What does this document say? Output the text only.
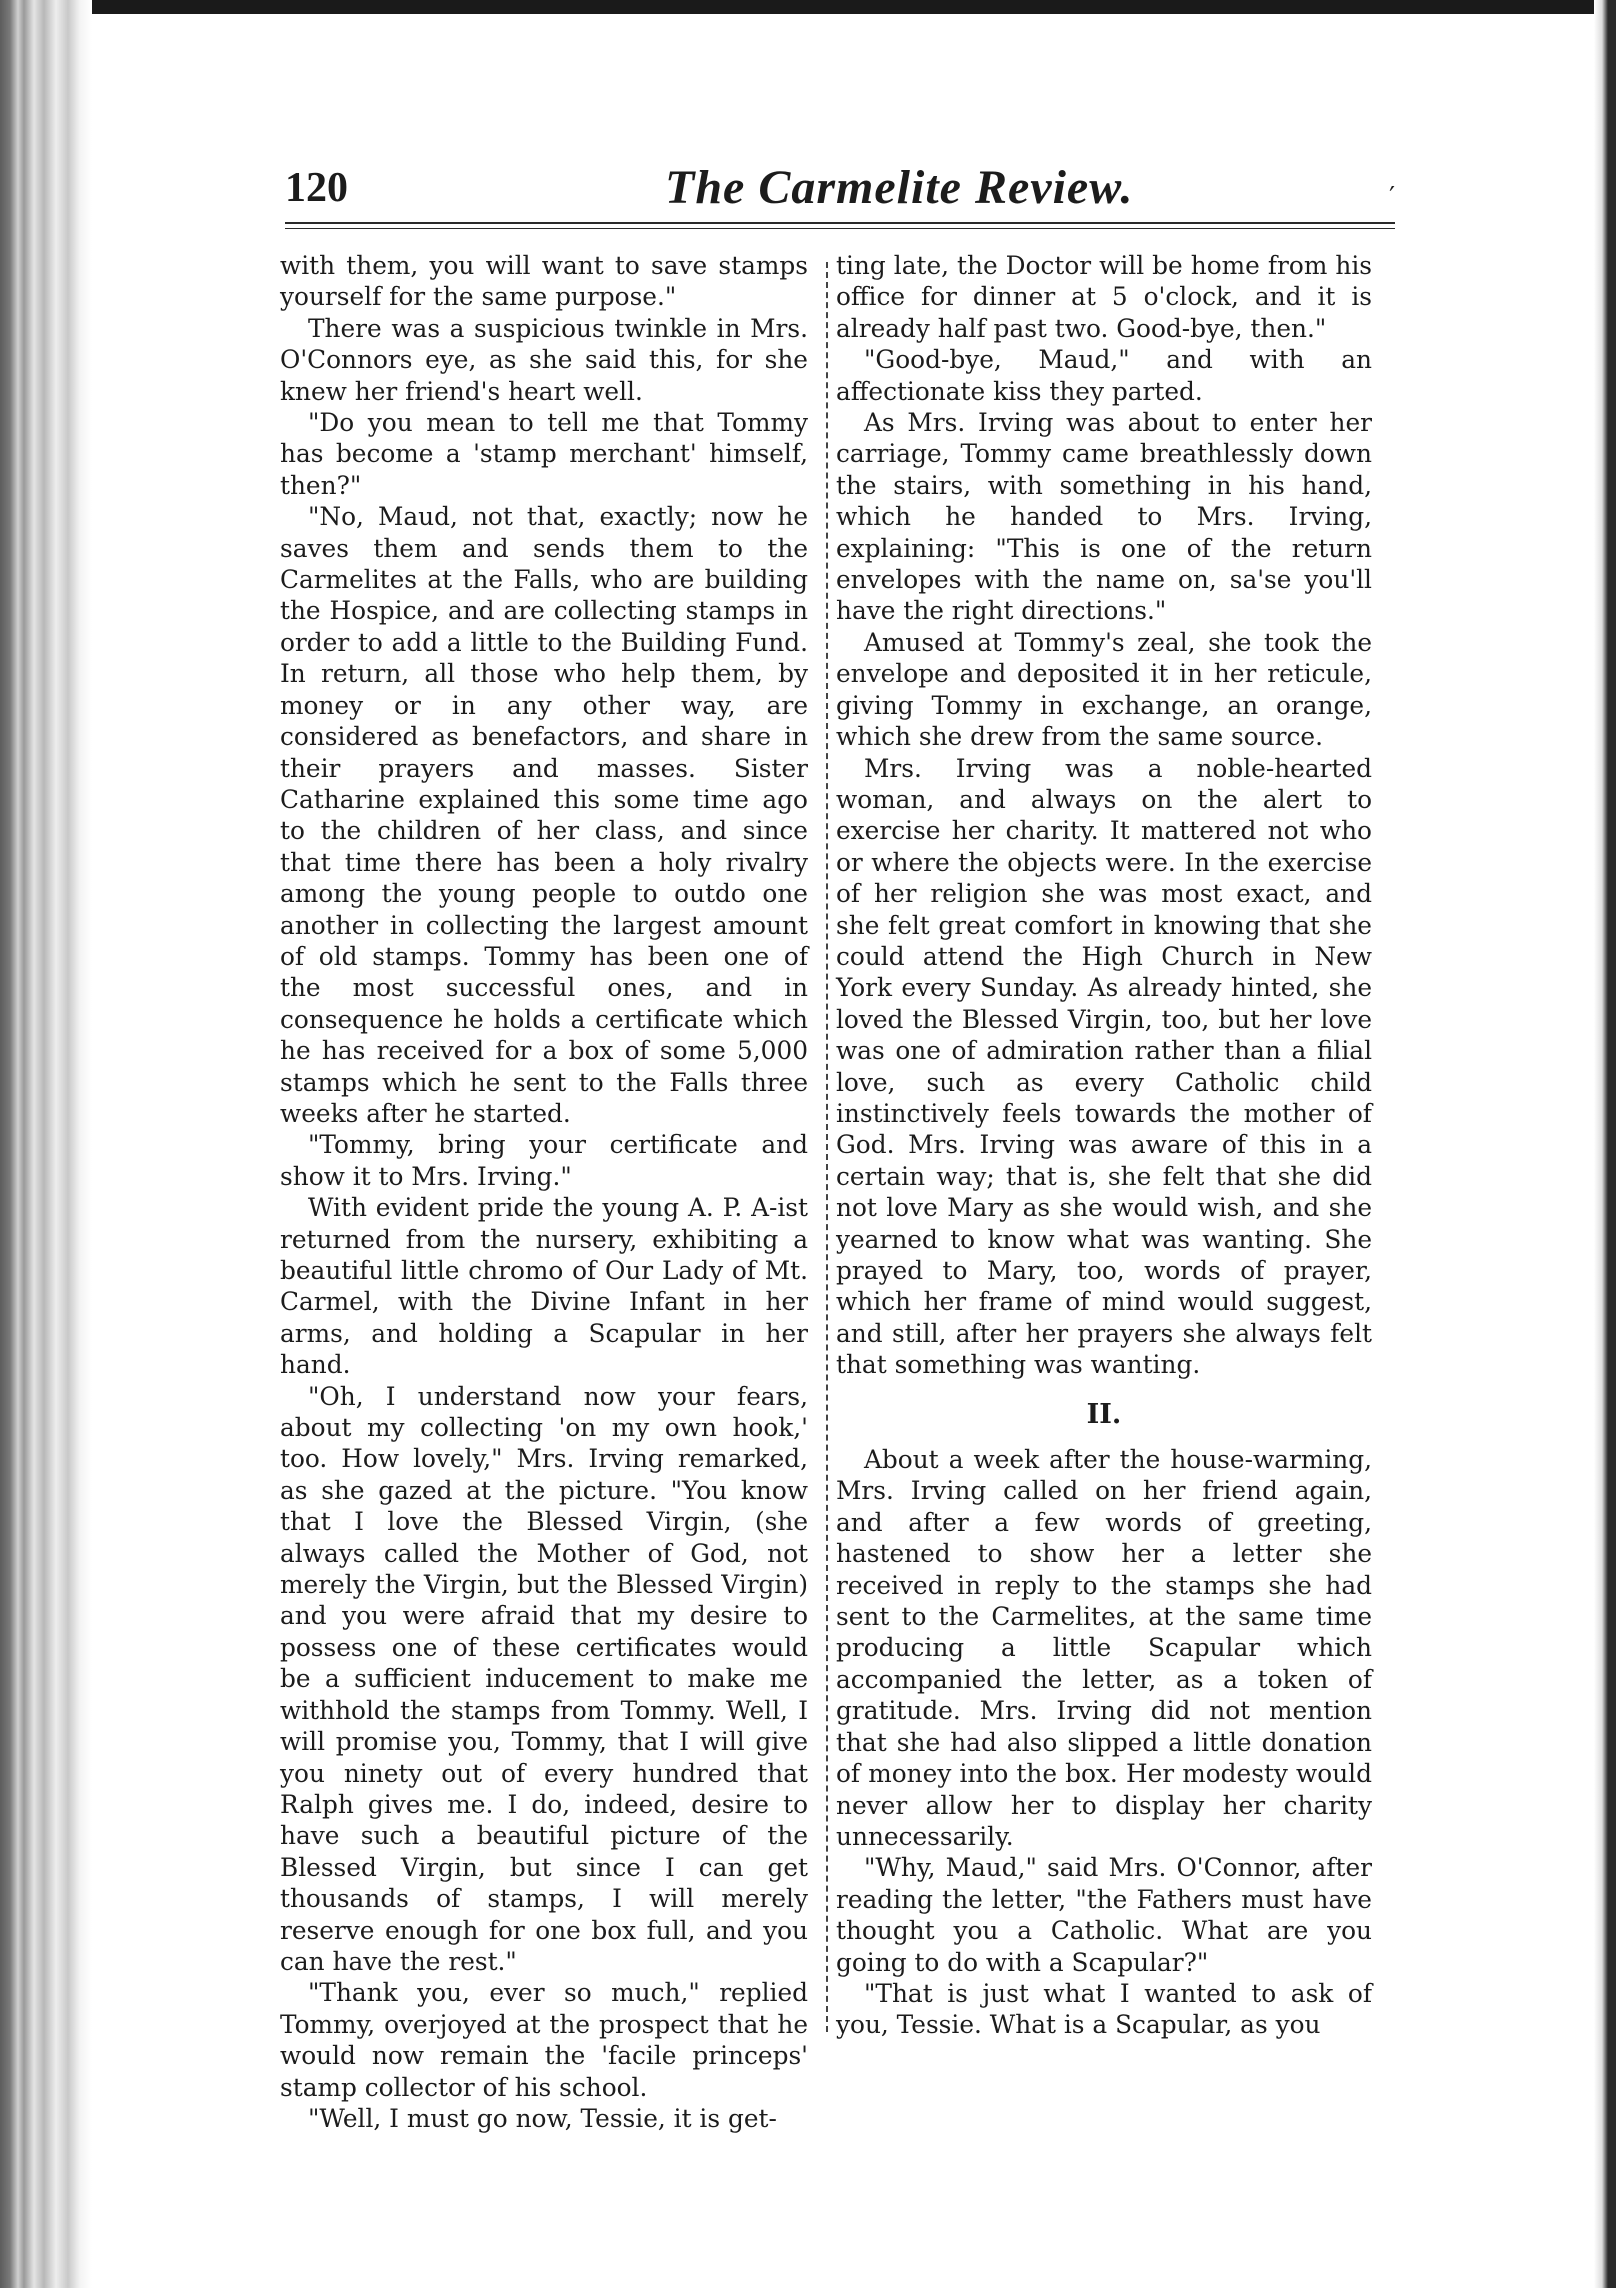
120	The Carmelite Review.	′

with them, you will want to save stamps yourself for the same purpose."

There was a suspicious twinkle in Mrs. O'Connors eye, as she said this, for she knew her friend's heart well.

"Do you mean to tell me that Tommy has become a 'stamp merchant' himself, then?"

"No, Maud, not that, exactly; now he saves them and sends them to the Carmelites at the Falls, who are building the Hospice, and are collecting stamps in order to add a little to the Building Fund. In return, all those who help them, by money or in any other way, are considered as benefactors, and share in their prayers and masses. Sister Catharine explained this some time ago to the children of her class, and since that time there has been a holy rivalry among the young people to outdo one another in collecting the largest amount of old stamps. Tommy has been one of the most successful ones, and in consequence he holds a certificate which he has received for a box of some 5,000 stamps which he sent to the Falls three weeks after he started.

"Tommy, bring your certificate and show it to Mrs. Irving."

With evident pride the young A. P. A-ist returned from the nursery, exhibiting a beautiful little chromo of Our Lady of Mt. Carmel, with the Divine Infant in her arms, and holding a Scapular in her hand.

"Oh, I understand now your fears, about my collecting 'on my own hook,' too. How lovely," Mrs. Irving remarked, as she gazed at the picture. "You know that I love the Blessed Virgin, (she always called the Mother of God, not merely the Virgin, but the Blessed Virgin) and you were afraid that my desire to possess one of these certificates would be a sufficient inducement to make me withhold the stamps from Tommy. Well, I will promise you, Tommy, that I will give you ninety out of every hundred that Ralph gives me. I do, indeed, desire to have such a beautiful picture of the Blessed Virgin, but since I can get thousands of stamps, I will merely reserve enough for one box full, and you can have the rest."

"Thank you, ever so much," replied Tommy, overjoyed at the prospect that he would now remain the 'facile princeps' stamp collector of his school.

"Well, I must go now, Tessie, it is get-

ting late, the Doctor will be home from his office for dinner at 5 o'clock, and it is already half past two. Good-bye, then."

"Good-bye, Maud," and with an affectionate kiss they parted.

As Mrs. Irving was about to enter her carriage, Tommy came breathlessly down the stairs, with something in his hand, which he handed to Mrs. Irving, explaining: "This is one of the return envelopes with the name on, sa'se you'll have the right directions."

Amused at Tommy's zeal, she took the envelope and deposited it in her reticule, giving Tommy in exchange, an orange, which she drew from the same source.

Mrs. Irving was a noble-hearted woman, and always on the alert to exercise her charity. It mattered not who or where the objects were. In the exercise of her religion she was most exact, and she felt great comfort in knowing that she could attend the High Church in New York every Sunday. As already hinted, she loved the Blessed Virgin, too, but her love was one of admiration rather than a filial love, such as every Catholic child instinctively feels towards the mother of God. Mrs. Irving was aware of this in a certain way; that is, she felt that she did not love Mary as she would wish, and she yearned to know what was wanting. She prayed to Mary, too, words of prayer, which her frame of mind would suggest, and still, after her prayers she always felt that something was wanting.

II.

About a week after the house-warming, Mrs. Irving called on her friend again, and after a few words of greeting, hastened to show her a letter she received in reply to the stamps she had sent to the Carmelites, at the same time producing a little Scapular which accompanied the letter, as a token of gratitude. Mrs. Irving did not mention that she had also slipped a little donation of money into the box. Her modesty would never allow her to display her charity unnecessarily.

"Why, Maud," said Mrs. O'Connor, after reading the letter, "the Fathers must have thought you a Catholic. What are you going to do with a Scapular?"

"That is just what I wanted to ask of you, Tessie. What is a Scapular, as you
